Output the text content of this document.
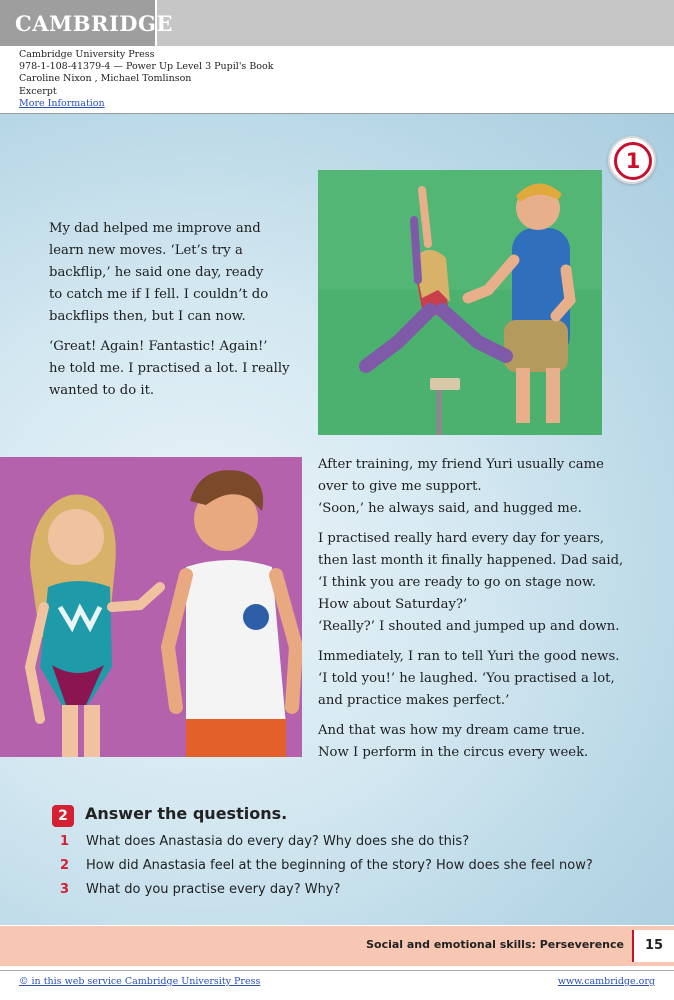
CAMBRIDGE
Cambridge University Press
978-1-108-41379-4 — Power Up Level 3 Pupil's Book
Caroline Nixon , Michael Tomlinson
Excerpt
More Information
1

My dad helped me improve and
learn new moves. ‘Let’s try a
backflip,’ he said one day, ready
to catch me if I fell. I couldn’t do
backflips then, but I can now.

‘Great! Again! Fantastic! Again!’
he told me. I practised a lot. I really
wanted to do it.

After training, my friend Yuri usually came
over to give me support.
‘Soon,’ he always said, and hugged me.

I practised really hard every day for years,
then last month it finally happened. Dad said,
‘I think you are ready to go on stage now.
How about Saturday?’
‘Really?’ I shouted and jumped up and down.

Immediately, I ran to tell Yuri the good news.
‘I told you!’ he laughed. ‘You practised a lot,
and practice makes perfect.’

And that was how my dream came true.
Now I perform in the circus every week.

2	Answer the questions.
1 What does Anastasia do every day? Why does she do this?
2 How did Anastasia feel at the beginning of the story? How does she feel now?
3 What do you practise every day? Why?
Social and emotional skills: Perseverence	15
© in this web service Cambridge University Press	www.cambridge.org
